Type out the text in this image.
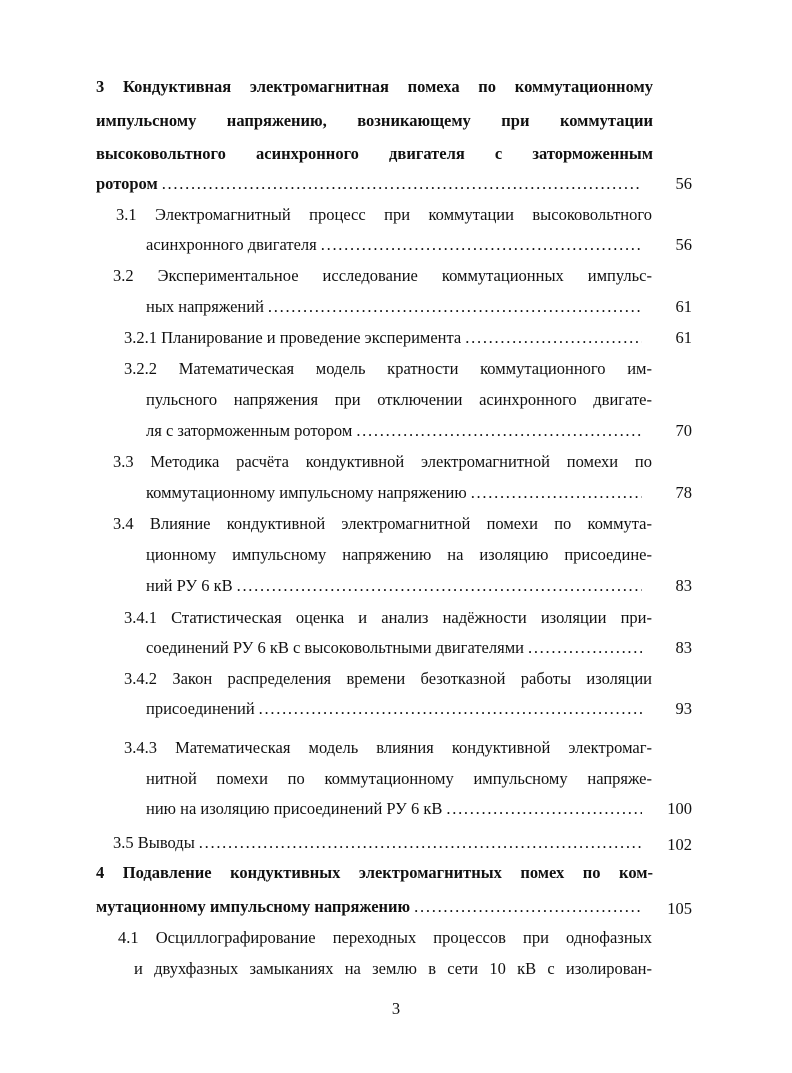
3 Кондуктивная электромагнитная помеха по коммутационному
импульсному напряжению, возникающему при коммутации
высоковольтного асинхронного двигателя с заторможенным
ротором . . .	56
3.1 Электромагнитный процесс при коммутации высоковольтного
асинхронного двигателя . . .	56
3.2 Экспериментальное исследование коммутационных импульс-
ных напряжений . . .	61
3.2.1 Планирование и проведение эксперимента . . .	61
3.2.2 Математическая модель кратности коммутационного им-
пульсного напряжения при отключении асинхронного двигате-
ля с заторможенным ротором . . .	70
3.3 Методика расчёта кондуктивной электромагнитной помехи по
коммутационному импульсному напряжению . . .	78
3.4 Влияние кондуктивной электромагнитной помехи по коммута-
ционному импульсному напряжению на изоляцию присоедине-
ний РУ 6 кВ . . .	83
3.4.1 Статистическая оценка и анализ надёжности изоляции при-
соединений РУ 6 кВ с высоковольтными двигателями . . .	83
3.4.2 Закон распределения времени безотказной работы изоляции
присоединений . . .	93
3.4.3 Математическая модель влияния кондуктивной электромаг-
нитной помехи по коммутационному импульсному напряже-
нию на изоляцию присоединений РУ 6 кВ . . .	100
3.5 Выводы . . .	102
4 Подавление кондуктивных электромагнитных помех по ком-
мутационному импульсному напряжению . . .	105
4.1 Осциллографирование переходных процессов при однофазных
и двухфазных замыканиях на землю в сети 10 кВ с изолирован-
3
